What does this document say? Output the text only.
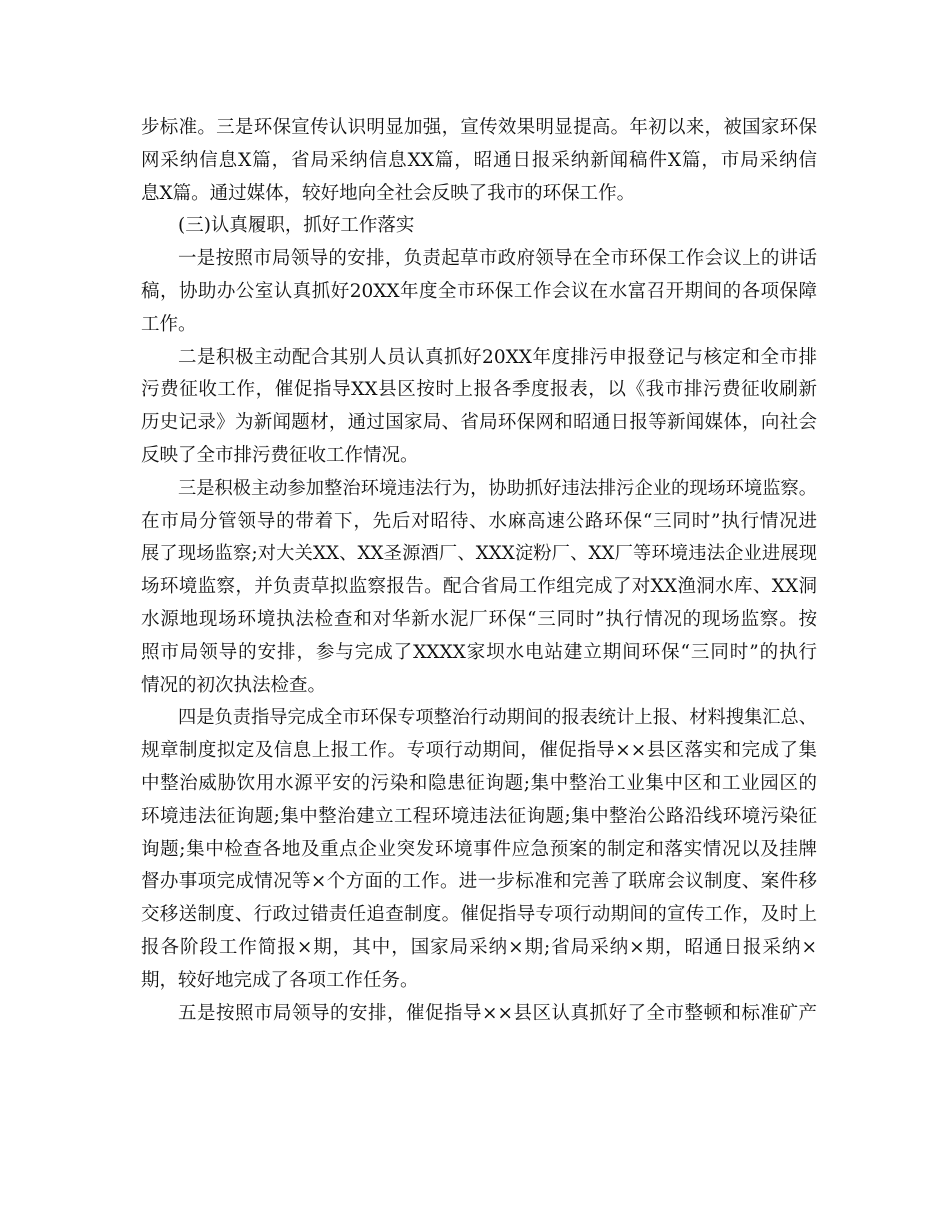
步标准。三是环保宣传认识明显加强，宣传效果明显提高。年初以来，被国家环保
网采纳信息X篇，省局采纳信息XX篇，昭通日报采纳新闻稿件X篇，市局采纳信
息X篇。通过媒体，较好地向全社会反映了我市的环保工作。
(三)认真履职，抓好工作落实
一是按照市局领导的安排，负责起草市政府领导在全市环保工作会议上的讲话
稿，协助办公室认真抓好20XX年度全市环保工作会议在水富召开期间的各项保障
工作。
二是积极主动配合其别人员认真抓好20XX年度排污申报登记与核定和全市排
污费征收工作，催促指导XX县区按时上报各季度报表，以《我市排污费征收刷新
历史记录》为新闻题材，通过国家局、省局环保网和昭通日报等新闻媒体，向社会
反映了全市排污费征收工作情况。
三是积极主动参加整治环境违法行为，协助抓好违法排污企业的现场环境监察。
在市局分管领导的带着下，先后对昭待、水麻高速公路环保“三同时”执行情况进
展了现场监察;对大关XX、XX圣源酒厂、XXX淀粉厂、XX厂等环境违法企业进展现
场环境监察，并负责草拟监察报告。配合省局工作组完成了对XX渔洞水库、XX洞
水源地现场环境执法检查和对华新水泥厂环保“三同时”执行情况的现场监察。按
照市局领导的安排，参与完成了XXXX家坝水电站建立期间环保“三同时”的执行
情况的初次执法检查。
四是负责指导完成全市环保专项整治行动期间的报表统计上报、材料搜集汇总、
规章制度拟定及信息上报工作。专项行动期间，催促指导××县区落实和完成了集
中整治威胁饮用水源平安的污染和隐患征询题;集中整治工业集中区和工业园区的
环境违法征询题;集中整治建立工程环境违法征询题;集中整治公路沿线环境污染征
询题;集中检查各地及重点企业突发环境事件应急预案的制定和落实情况以及挂牌
督办事项完成情况等×个方面的工作。进一步标准和完善了联席会议制度、案件移
交移送制度、行政过错责任追查制度。催促指导专项行动期间的宣传工作，及时上
报各阶段工作简报×期，其中，国家局采纳×期;省局采纳×期，昭通日报采纳×
期，较好地完成了各项工作任务。
五是按照市局领导的安排，催促指导××县区认真抓好了全市整顿和标准矿产
